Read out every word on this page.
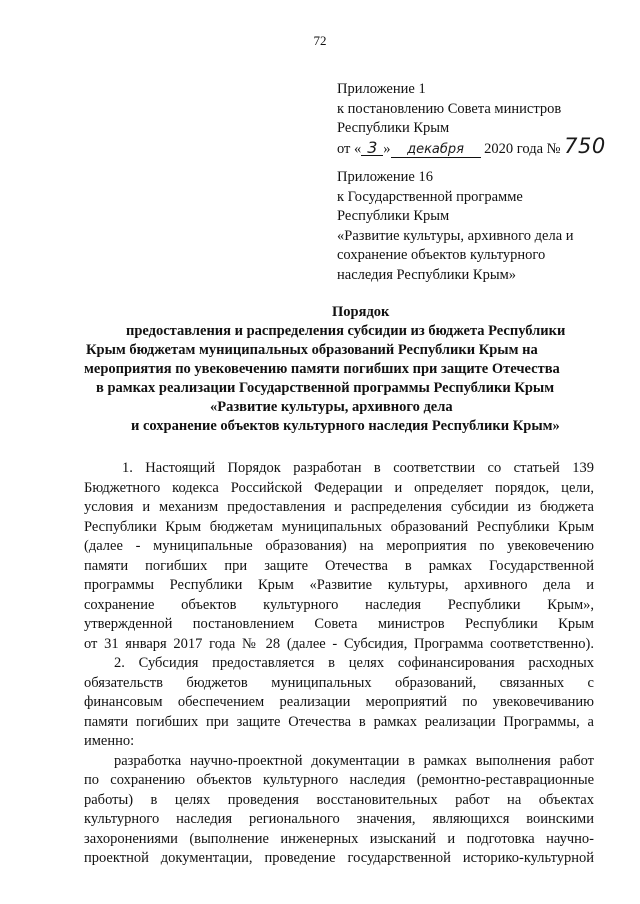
72
Приложение 1
к постановлению Совета министров
Республики Крым
от « 3 » декабря 2020 года № 750
Приложение 16
к Государственной программе
Республики Крым
«Развитие культуры, архивного дела и
сохранение объектов культурного
наследия Республики Крым»
Порядок
предоставления и распределения субсидии из бюджета Республики
Крым бюджетам муниципальных образований Республики Крым на
мероприятия по увековечению памяти погибших при защите Отечества
в рамках реализации Государственной программы Республики Крым
«Развитие культуры, архивного дела
и сохранение объектов культурного наследия Республики Крым»
1. Настоящий Порядок разработан в соответствии со статьей 139
Бюджетного кодекса Российской Федерации и определяет порядок, цели,
условия и механизм предоставления и распределения субсидии из бюджета
Республики Крым бюджетам муниципальных образований Республики Крым
(далее - муниципальные образования) на мероприятия по увековечению
памяти погибших при защите Отечества в рамках Государственной
программы Республики Крым «Развитие культуры, архивного дела и
сохранение объектов культурного наследия Республики Крым»,
утвержденной постановлением Совета министров Республики Крым
от 31 января 2017 года № 28 (далее - Субсидия, Программа соответственно).
2. Субсидия предоставляется в целях софинансирования расходных
обязательств бюджетов муниципальных образований, связанных с
финансовым обеспечением реализации мероприятий по увековечиванию
памяти погибших при защите Отечества в рамках реализации Программы, а
именно:
разработка научно-проектной документации в рамках выполнения работ
по сохранению объектов культурного наследия (ремонтно-реставрационные
работы) в целях проведения восстановительных работ на объектах
культурного наследия регионального значения, являющихся воинскими
захоронениями (выполнение инженерных изысканий и подготовка научно-
проектной документации, проведение государственной историко-культурной
